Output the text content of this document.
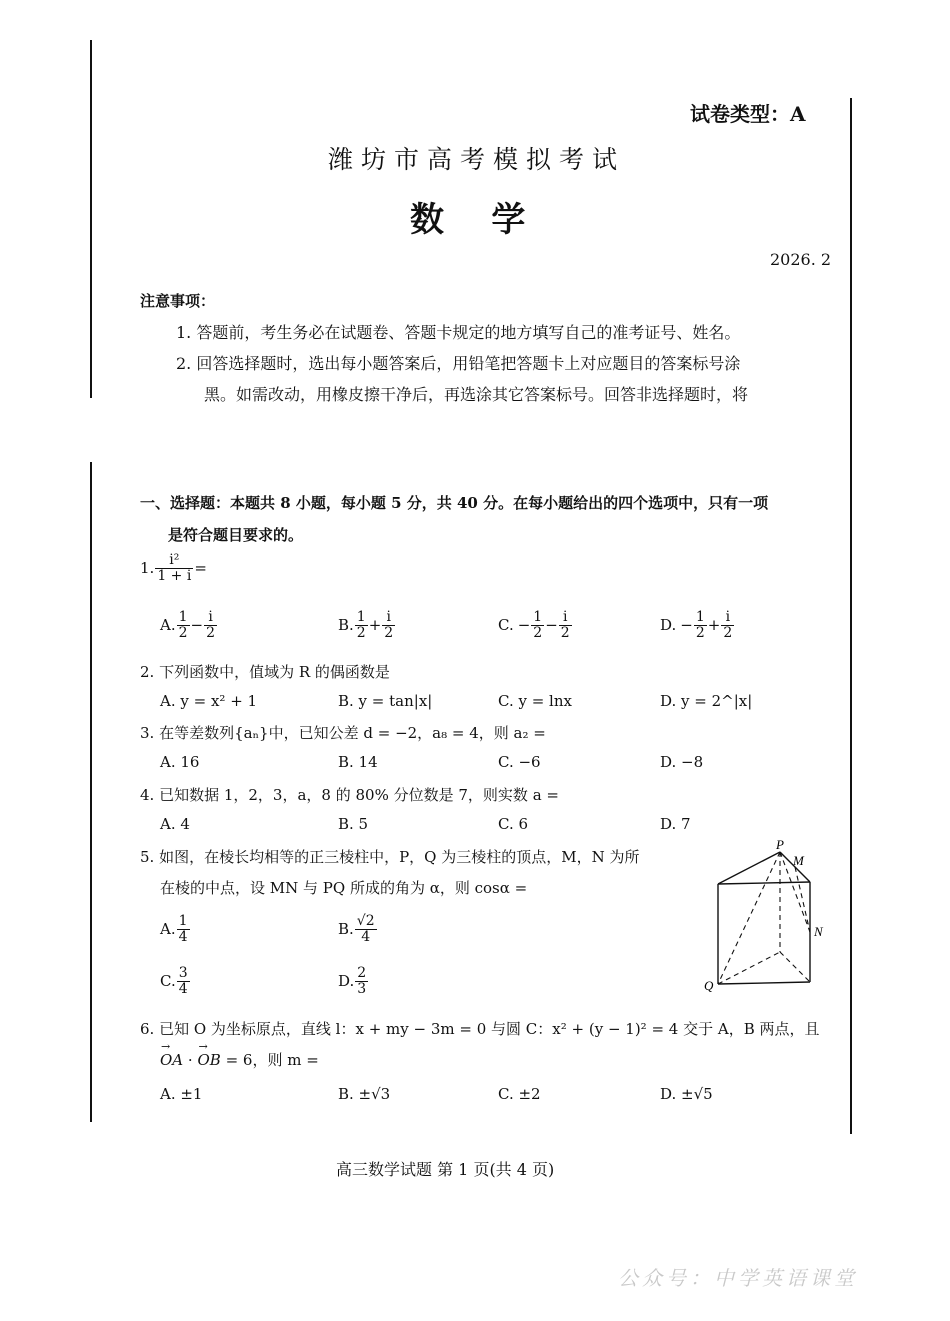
试卷类型：A
潍坊市高考模拟考试
数    学
2026. 2
注意事项：
1. 答题前，考生务必在试题卷、答题卡规定的地方填写自己的准考证号、姓名。
2. 回答选择题时，选出每小题答案后，用铅笔把答题卡上对应题目的答案标号涂
黑。如需改动，用橡皮擦干净后，再选涂其它答案标号。回答非选择题时，将
一、选择题：本题共 8 小题，每小题 5 分，共 40 分。在每小题给出的四个选项中，只有一项
是符合题目要求的。
1. $\frac{\text{i²}}{1 + i}$ =
A. $\frac{1}{2} - \frac{i}{2}$	B. $\frac{1}{2} + \frac{i}{2}$	C. − $\frac{1}{2} - \frac{i}{2}$	D. − $\frac{1}{2} + \frac{i}{2}$
2. 下列函数中，值域为 R 的偶函数是
A. y = x² + 1	B. y = tan|x|	C. y = lnx	D. y = 2^|x|
3. 在等差数列{aₙ}中，已知公差 d = −2，a₈ = 4，则 a₂ =
A. 16	B. 14	C. −6	D. −8
4. 已知数据 1，2，3，a，8 的 80% 分位数是 7，则实数 a =
A. 4	B. 5	C. 6	D. 7
5. 如图，在棱长均相等的正三棱柱中，P，Q 为三棱柱的顶点，M，N 为所
在棱的中点，设 MN 与 PQ 所成的角为 α，则 cosα =
A. $\frac{1}{4}$	B. $\frac{√2}{4}$
C. $\frac{3}{4}$	D. $\frac{2}{3}$
P
M
N
Q
6. 已知 O 为坐标原点，直线 l：x + my − 3m = 0 与圆 C：x² + (y − 1)² = 4 交于 A，B 两点，且
→ OA · → OB = 6，则 m =
A. ±1	B. ±√3	C. ±2	D. ±√5
高三数学试题 第 1 页(共 4 页)
公众号：中学英语课堂
